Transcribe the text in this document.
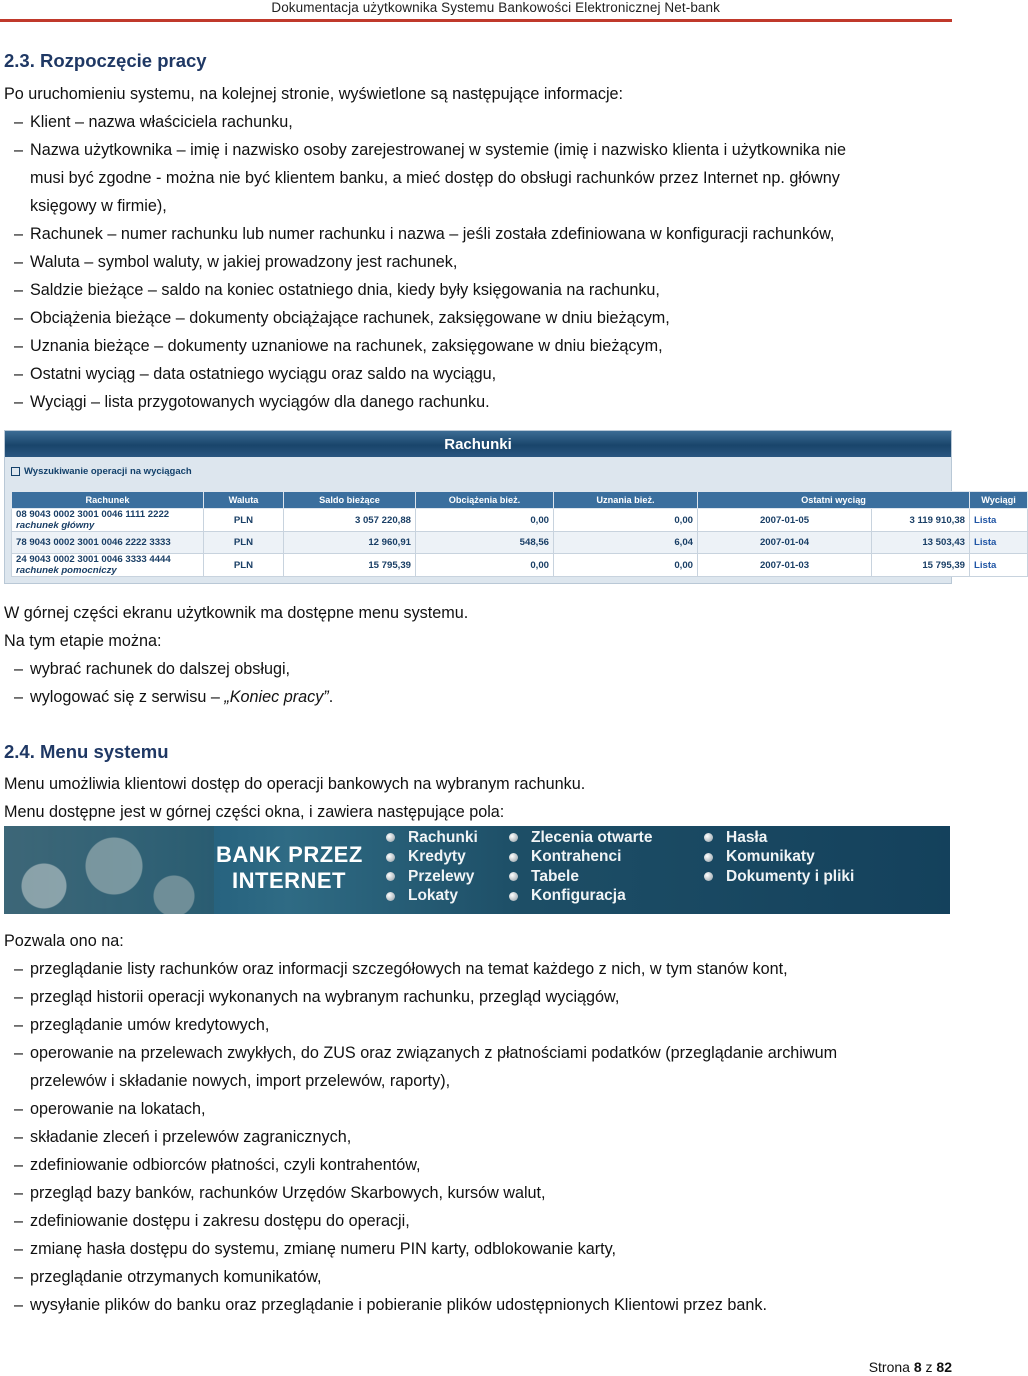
Dokumentacja użytkownika Systemu Bankowości Elektronicznej Net-bank
2.3. Rozpoczęcie pracy
Po uruchomieniu systemu, na kolejnej stronie, wyświetlone są następujące informacje:
– Klient – nazwa właściciela rachunku,
– Nazwa użytkownika – imię i nazwisko osoby zarejestrowanej w systemie (imię i nazwisko klienta i użytkownika nie
musi być zgodne - można nie być klientem banku, a mieć dostęp do obsługi rachunków przez Internet np. główny
księgowy w firmie),
– Rachunek – numer rachunku lub numer rachunku i nazwa – jeśli została zdefiniowana w konfiguracji rachunków,
– Waluta – symbol waluty, w jakiej prowadzony jest rachunek,
– Saldzie bieżące – saldo na koniec ostatniego dnia, kiedy były księgowania na rachunku,
– Obciążenia bieżące – dokumenty obciążające rachunek, zaksięgowane w dniu bieżącym,
– Uznania bieżące – dokumenty uznaniowe na rachunek, zaksięgowane w dniu bieżącym,
– Ostatni wyciąg – data ostatniego wyciągu oraz saldo na wyciągu,
– Wyciągi – lista przygotowanych wyciągów dla danego rachunku.
Rachunki
Wyszukiwanie operacji na wyciągach
Rachunek	Waluta	Saldo bieżące	Obciążenia bież.	Uznania bież.	Ostatni wyciąg		Wyciągi

08 9043 0002 3001 0046 1111 2222
rachunek główny	PLN	3 057 220,88	0,00	0,00	2007-01-05	3 119 910,38	Lista

78 9043 0002 3001 0046 2222 3333	PLN	12 960,91	548,56	6,04	2007-01-04	13 503,43	Lista

24 9043 0002 3001 0046 3333 4444
rachunek pomocniczy	PLN	15 795,39	0,00	0,00	2007-01-03	15 795,39	Lista
W górnej części ekranu użytkownik ma dostępne menu systemu.
Na tym etapie można:
– wybrać rachunek do dalszej obsługi,
– wylogować się z serwisu – „Koniec pracy”.
2.4. Menu systemu
Menu umożliwia klientowi dostęp do operacji bankowych na wybranym rachunku.
Menu dostępne jest w górnej części okna, i zawiera następujące pola:
BANK PRZEZ
INTERNET
Rachunki
Kredyty
Przelewy
Lokaty
Zlecenia otwarte
Kontrahenci
Tabele
Konfiguracja
Hasła
Komunikaty
Dokumenty i pliki
Pozwala ono na:
– przeglądanie listy rachunków oraz informacji szczegółowych na temat każdego z nich, w tym stanów kont,
– przegląd historii operacji wykonanych na wybranym rachunku, przegląd wyciągów,
– przeglądanie umów kredytowych,
– operowanie na przelewach zwykłych, do ZUS oraz związanych z płatnościami podatków (przeglądanie archiwum
przelewów i składanie nowych, import przelewów, raporty),
– operowanie na lokatach,
– składanie zleceń i przelewów zagranicznych,
– zdefiniowanie odbiorców płatności, czyli kontrahentów,
– przegląd bazy banków, rachunków Urzędów Skarbowych, kursów walut,
– zdefiniowanie dostępu i zakresu dostępu do operacji,
– zmianę hasła dostępu do systemu, zmianę numeru PIN karty, odblokowanie karty,
– przeglądanie otrzymanych komunikatów,
– wysyłanie plików do banku oraz przeglądanie i pobieranie plików udostępnionych Klientowi przez bank.
Strona 8 z 82
